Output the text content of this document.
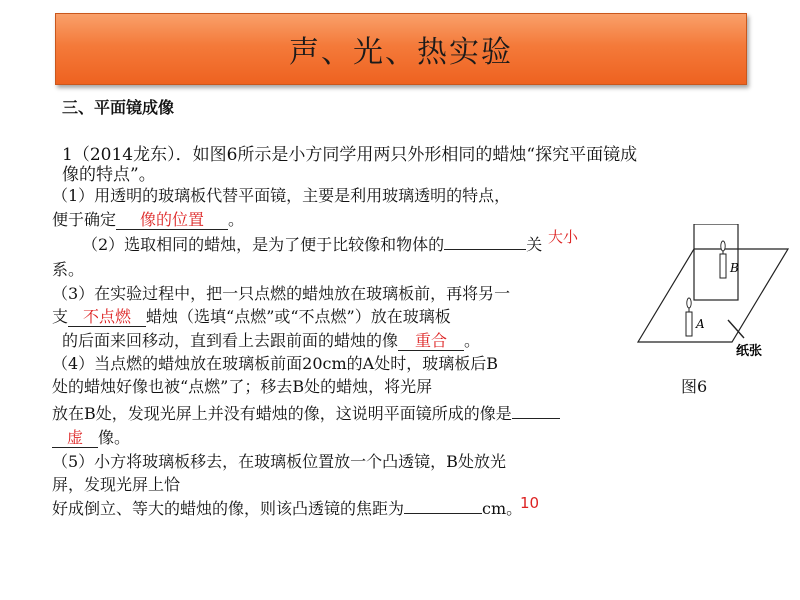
声、光、热实验
三、平面镜成像
1（2014龙东）．如图6所示是小方同学用两只外形相同的蜡烛“探究平面镜成
像的特点”。
（1）用透明的玻璃板代替平面镜，主要是利用玻璃透明的特点，
便于确定 像的位置 。
（2）选取相同的蜡烛，是为了便于比较像和物体的	关 大小
系。
（3）在实验过程中，把一只点燃的蜡烛放在玻璃板前，再将另一
支 不点燃 蜡烛（选填“点燃”或“不点燃”）放在玻璃板
的后面来回移动，直到看上去跟前面的蜡烛的像 重合 。
（4）当点燃的蜡烛放在玻璃板前面20cm的A处时，玻璃板后B
处的蜡烛好像也被“点燃”了；移去B处的蜡烛，将光屏
放在B处，发现光屏上并没有蜡烛的像，这说明平面镜所成的像是
虚 像。
（5）小方将玻璃板移去，在玻璃板位置放一个凸透镜，B处放光
屏，发现光屏上恰
好成倒立、等大的蜡烛的像，则该凸透镜的焦距为	cm。
10
B
A
纸张
图6
